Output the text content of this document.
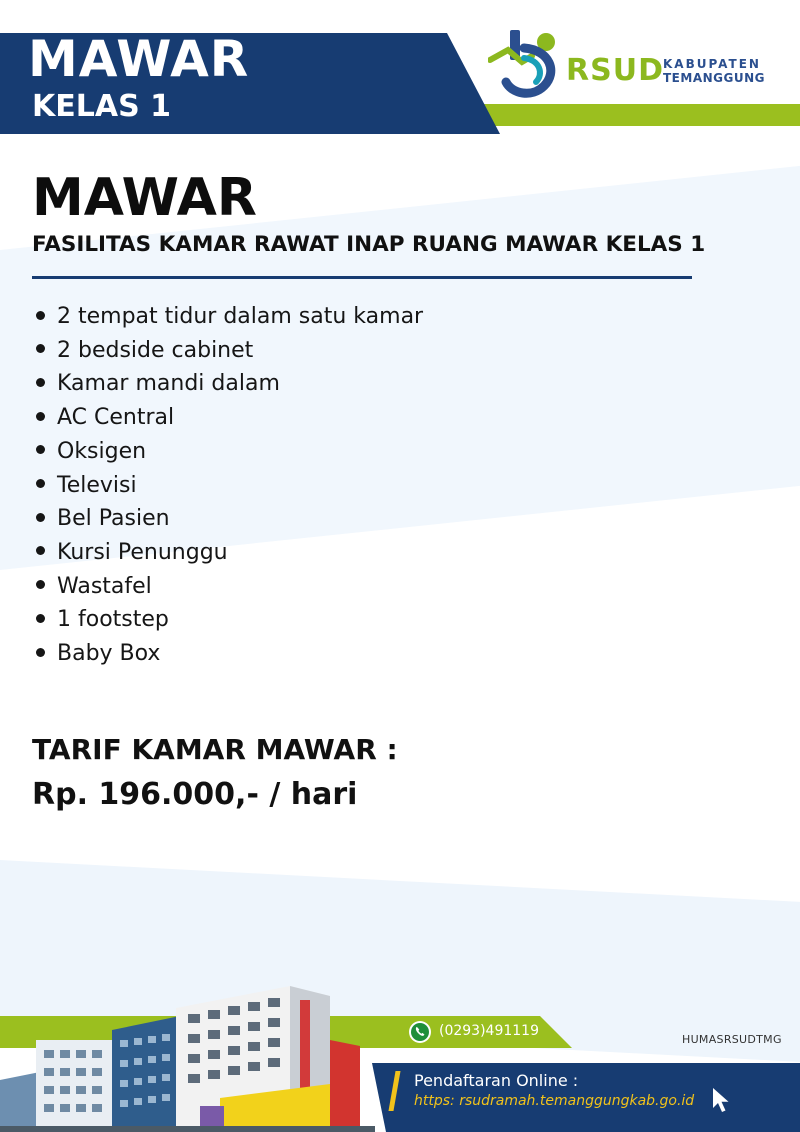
MAWAR
KELAS 1
RSUD KABUPATEN
TEMANGGUNG
MAWAR
FASILITAS KAMAR RAWAT INAP RUANG MAWAR KELAS 1
2 tempat tidur dalam satu kamar
2 bedside cabinet
Kamar mandi dalam
AC Central
Oksigen
Televisi
Bel Pasien
Kursi Penunggu
Wastafel
1 footstep
Baby Box
TARIF KAMAR MAWAR :
Rp. 196.000,- / hari
(0293)491119
HUMASRSUDTMG
Pendaftaran Online :
https: rsudramah.temanggungkab.go.id
